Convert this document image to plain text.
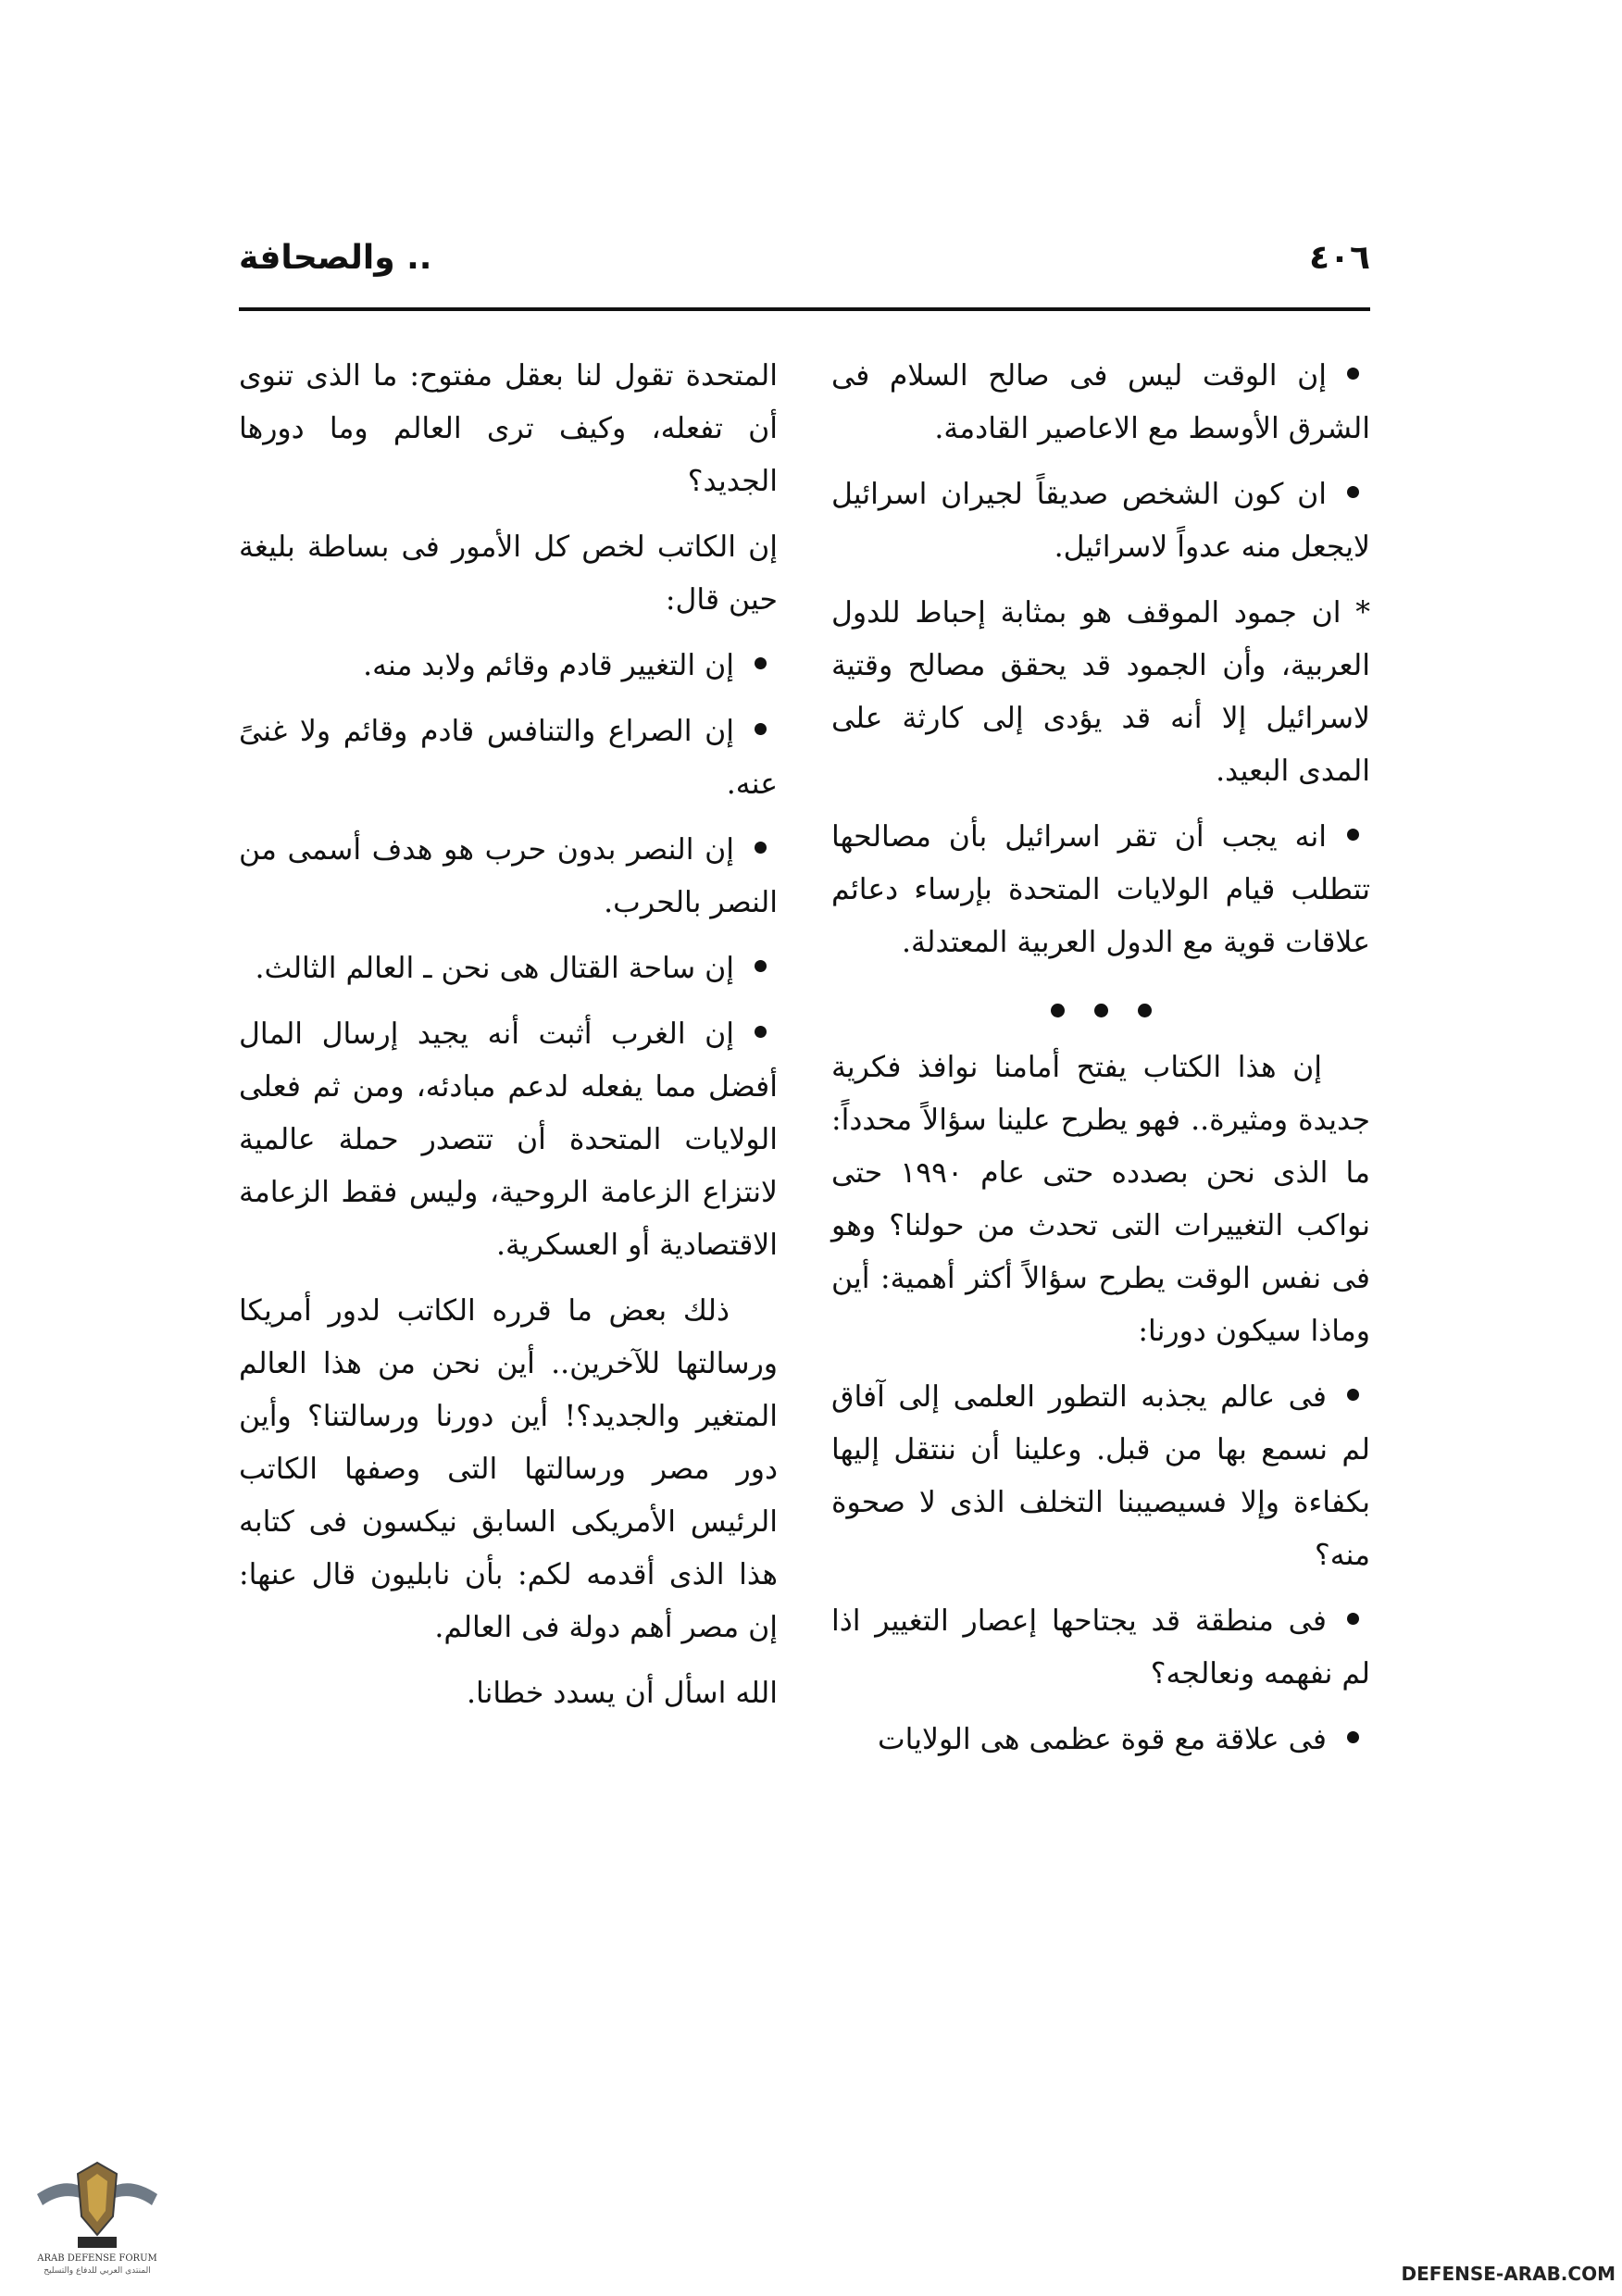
٤٠٦
.. والصحافة

إن الوقت ليس فى صالح السلام فى الشرق الأوسط مع الاعاصير القادمة.

ان كون الشخص صديقاً لجيران اسرائيل لايجعل منه عدواً لاسرائيل.

* ان جمود الموقف هو بمثابة إحباط للدول العربية، وأن الجمود قد يحقق مصالح وقتية لاسرائيل إلا أنه قد يؤدى إلى كارثة على المدى البعيد.

انه يجب أن تقر اسرائيل بأن مصالحها تتطلب قيام الولايات المتحدة بإرساء دعائم علاقات قوية مع الدول العربية المعتدلة.

إن هذا الكتاب يفتح أمامنا نوافذ فكرية جديدة ومثيرة.. فهو يطرح علينا سؤالاً محدداً: ما الذى نحن بصدده حتى عام ١٩٩٠ حتى نواكب التغييرات التى تحدث من حولنا؟ وهو فى نفس الوقت يطرح سؤالاً أكثر أهمية: أين وماذا سيكون دورنا:

فى عالم يجذبه التطور العلمى إلى آفاق لم نسمع بها من قبل. وعلينا أن ننتقل إليها بكفاءة وإلا فسيصيبنا التخلف الذى لا صحوة منه؟

فى منطقة قد يجتاحها إعصار التغيير اذا لم نفهمه ونعالجه؟

فى علاقة مع قوة عظمى هى الولايات

المتحدة تقول لنا بعقل مفتوح: ما الذى تنوى أن تفعله، وكيف ترى العالم وما دورها الجديد؟

إن الكاتب لخص كل الأمور فى بساطة بليغة حين قال:

إن التغيير قادم وقائم ولابد منه.

إن الصراع والتنافس قادم وقائم ولا غنىً عنه.

إن النصر بدون حرب هو هدف أسمى من النصر بالحرب.

إن ساحة القتال هى نحن ـ العالم الثالث.

إن الغرب أثبت أنه يجيد إرسال المال أفضل مما يفعله لدعم مبادئه، ومن ثم فعلى الولايات المتحدة أن تتصدر حملة عالمية لانتزاع الزعامة الروحية، وليس فقط الزعامة الاقتصادية أو العسكرية.

ذلك بعض ما قرره الكاتب لدور أمريكا ورسالتها للآخرين.. أين نحن من هذا العالم المتغير والجديد؟! أين دورنا ورسالتنا؟ وأين دور مصر ورسالتها التى وصفها الكاتب الرئيس الأمريكى السابق نيكسون فى كتابه هذا الذى أقدمه لكم: بأن نابليون قال عنها: إن مصر أهم دولة فى العالم.

الله اسأل أن يسدد خطانا.

ARAB DEFENSE FORUM
المنتدى العربي للدفاع والتسليح	DEFENSE-ARAB.COM
